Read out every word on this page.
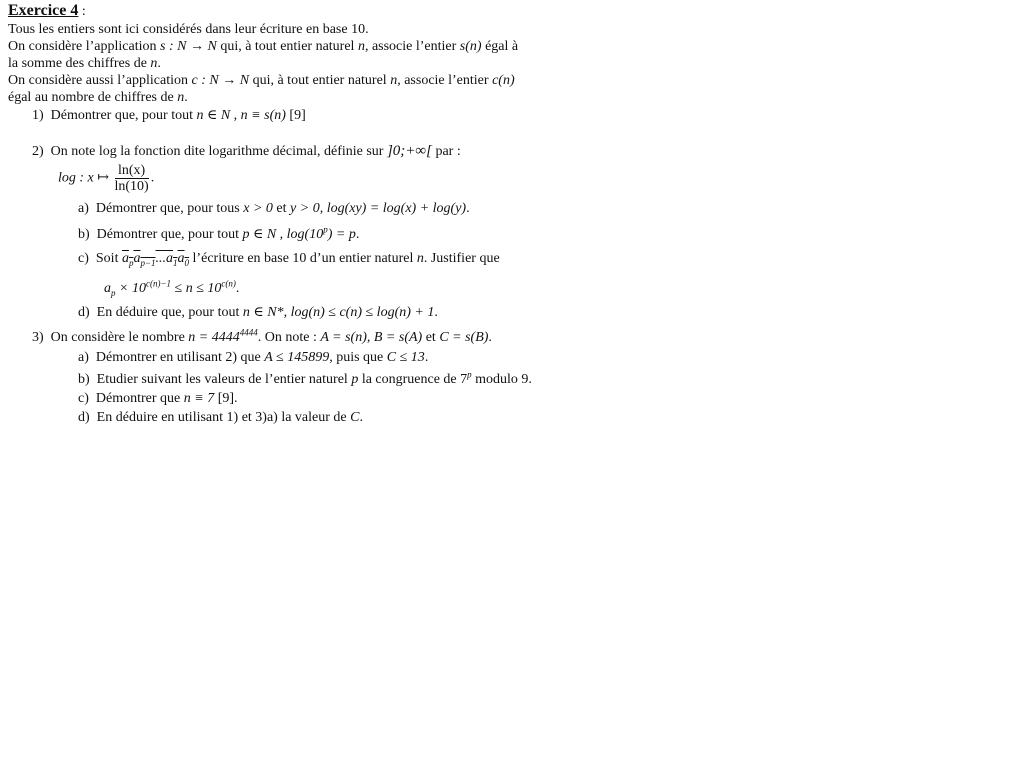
Exercice 4 :
Tous les entiers sont ici considérés dans leur écriture en base 10.
On considère l’application s : N → N qui, à tout entier naturel n, associe l’entier s(n) égal à
la somme des chiffres de n.
On considère aussi l’application c : N → N qui, à tout entier naturel n, associe l’entier c(n)
égal au nombre de chiffres de n.
1) Démontrer que, pour tout n ∈ N , n ≡ s(n) [9]
2) On note log la fonction dite logarithme décimal, définie sur ]0;+∞[ par :
log : x ↦ $\frac{\ln(x)}{\ln(10)}$ .
a) Démontrer que, pour tous x > 0 et y > 0, log(xy) = log(x) + log(y).
b) Démontrer que, pour tout p ∈ N , $\log(10^p) = p$.
c) Soit $a_pa_{p-1}...a_1a_0$ l’écriture en base 10 d’un entier naturel n. Justifier que
$a_p \times 10^{c(n)-1} \le n \le 10^{c(n)}$.
d) En déduire que, pour tout n ∈ N*, log(n) ≤ c(n) ≤ log(n) + 1.
3) On considère le nombre $n = 4444^{4444}$. On note : A = s(n), B = s(A) et C = s(B).
a) Démontrer en utilisant 2) que A ≤ 145899, puis que C ≤ 13.
b) Etudier suivant les valeurs de l’entier naturel p la congruence de 7$^p$ modulo 9.
c) Démontrer que n ≡ 7 [9].
d) En déduire en utilisant 1) et 3)a) la valeur de C.
